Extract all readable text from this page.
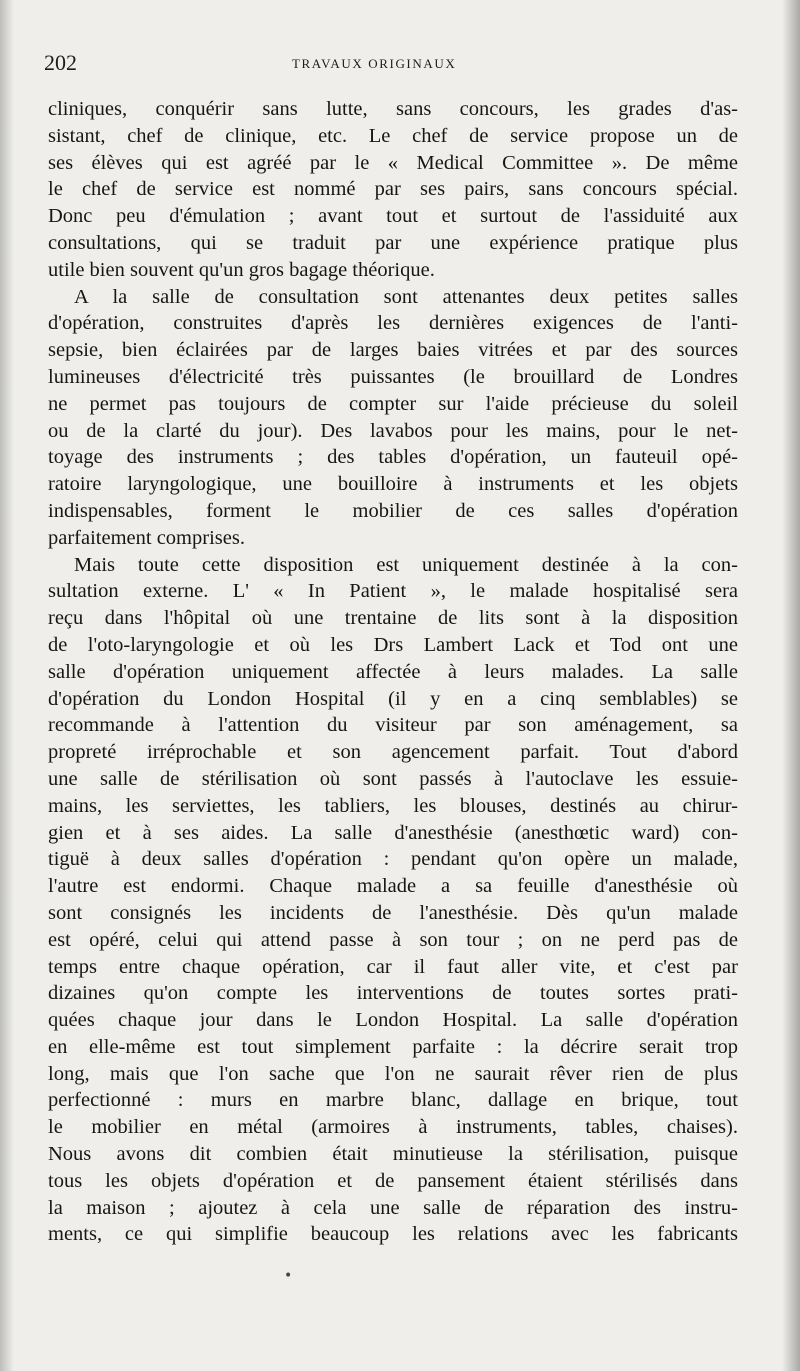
202	TRAVAUX ORIGINAUX
cliniques, conquérir sans lutte, sans concours, les grades d'as-
sistant, chef de clinique, etc. Le chef de service propose un de
ses élèves qui est agréé par le « Medical Committee ». De même
le chef de service est nommé par ses pairs, sans concours spécial.
Donc peu d'émulation ; avant tout et surtout de l'assiduité aux
consultations, qui se traduit par une expérience pratique plus
utile bien souvent qu'un gros bagage théorique.
A la salle de consultation sont attenantes deux petites salles
d'opération, construites d'après les dernières exigences de l'anti-
sepsie, bien éclairées par de larges baies vitrées et par des sources
lumineuses d'électricité très puissantes (le brouillard de Londres
ne permet pas toujours de compter sur l'aide précieuse du soleil
ou de la clarté du jour). Des lavabos pour les mains, pour le net-
toyage des instruments ; des tables d'opération, un fauteuil opé-
ratoire laryngologique, une bouilloire à instruments et les objets
indispensables, forment le mobilier de ces salles d'opération
parfaitement comprises.
Mais toute cette disposition est uniquement destinée à la con-
sultation externe. L' « In Patient », le malade hospitalisé sera
reçu dans l'hôpital où une trentaine de lits sont à la disposition
de l'oto-laryngologie et où les Drs Lambert Lack et Tod ont une
salle d'opération uniquement affectée à leurs malades. La salle
d'opération du London Hospital (il y en a cinq semblables) se
recommande à l'attention du visiteur par son aménagement, sa
propreté irréprochable et son agencement parfait. Tout d'abord
une salle de stérilisation où sont passés à l'autoclave les essuie-
mains, les serviettes, les tabliers, les blouses, destinés au chirur-
gien et à ses aides. La salle d'anesthésie (anesthœtic ward) con-
tiguë à deux salles d'opération : pendant qu'on opère un malade,
l'autre est endormi. Chaque malade a sa feuille d'anesthésie où
sont consignés les incidents de l'anesthésie. Dès qu'un malade
est opéré, celui qui attend passe à son tour ; on ne perd pas de
temps entre chaque opération, car il faut aller vite, et c'est par
dizaines qu'on compte les interventions de toutes sortes prati-
quées chaque jour dans le London Hospital. La salle d'opération
en elle-même est tout simplement parfaite : la décrire serait trop
long, mais que l'on sache que l'on ne saurait rêver rien de plus
perfectionné : murs en marbre blanc, dallage en brique, tout
le mobilier en métal (armoires à instruments, tables, chaises).
Nous avons dit combien était minutieuse la stérilisation, puisque
tous les objets d'opération et de pansement étaient stérilisés dans
la maison ; ajoutez à cela une salle de réparation des instru-
ments, ce qui simplifie beaucoup les relations avec les fabricants
•
